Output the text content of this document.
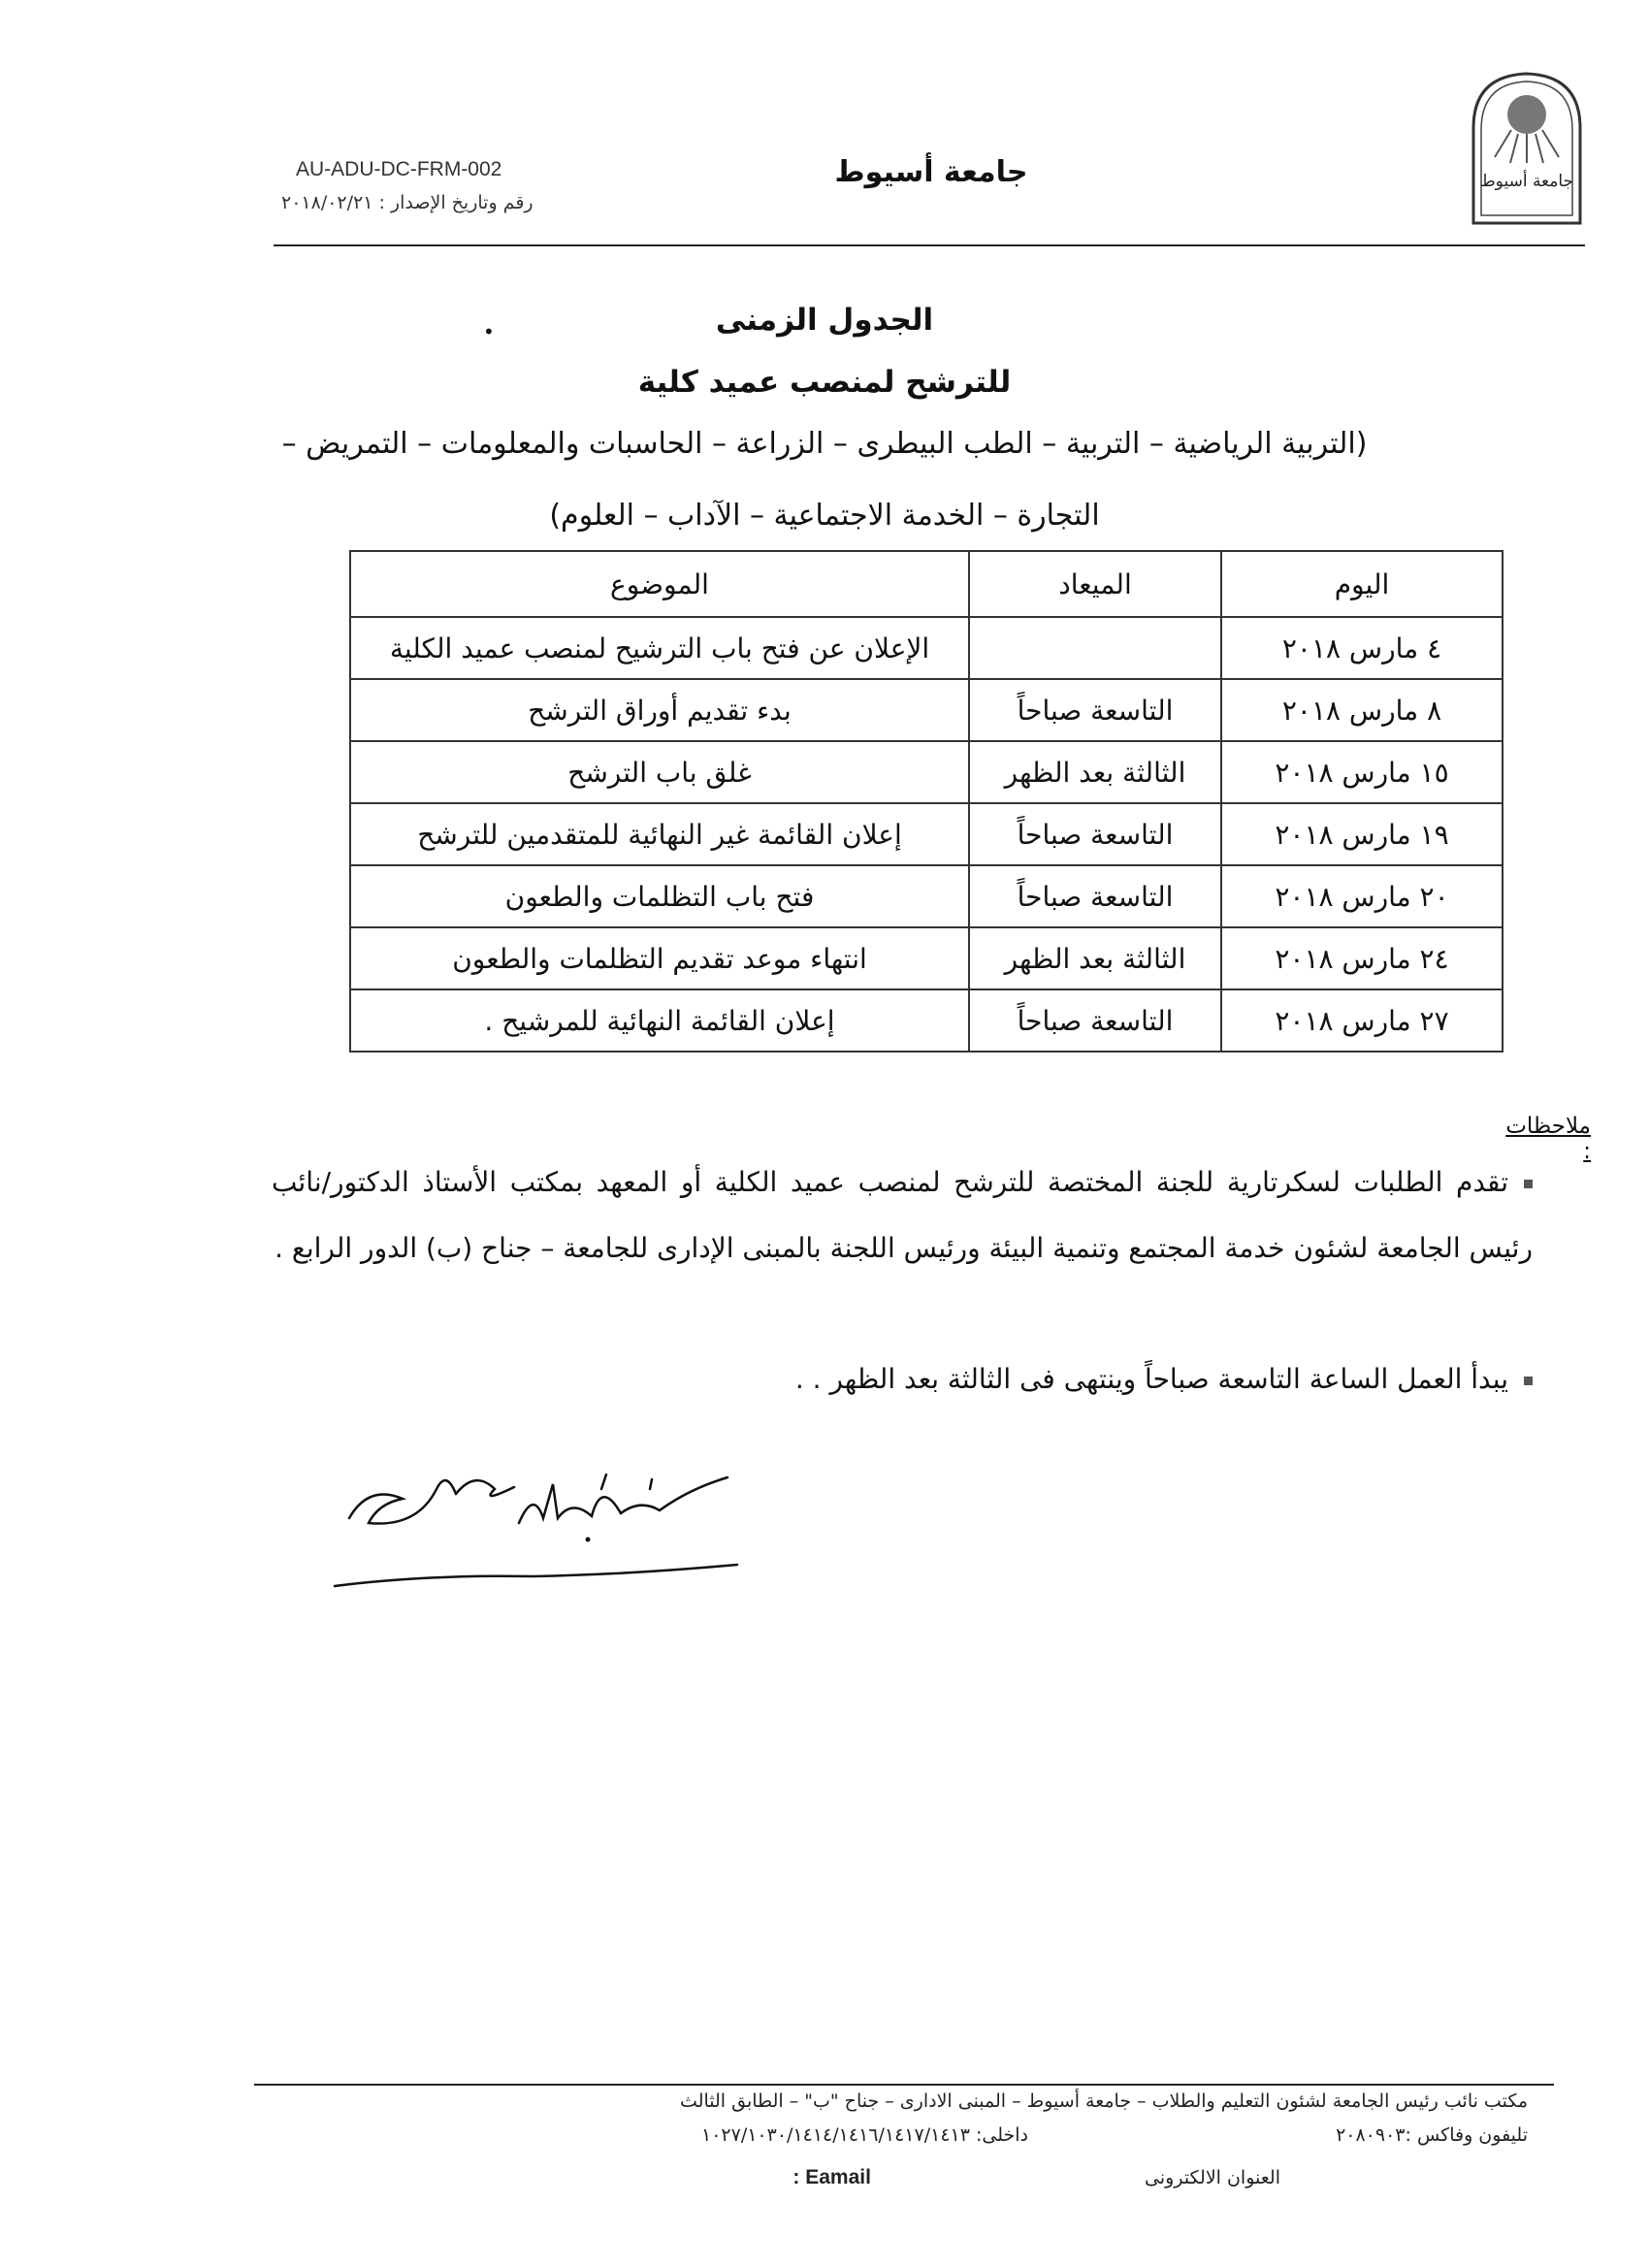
جامعة أسيوط
جامعة أسيوط
AU-ADU-DC-FRM-002
رقم وتاريخ الإصدار : ٢٠١٨/٠٢/٢١
•	الجدول الزمنى
للترشح لمنصب عميد كلية
(التربية الرياضية – التربية – الطب البيطرى – الزراعة – الحاسبات والمعلومات – التمريض –
التجارة – الخدمة الاجتماعية – الآداب – العلوم)
اليوم	الميعاد	الموضوع
٤ مارس ٢٠١٨		الإعلان عن فتح باب الترشيح لمنصب عميد الكلية
٨ مارس ٢٠١٨	التاسعة صباحاً	بدء تقديم أوراق الترشح
١٥ مارس ٢٠١٨	الثالثة بعد الظهر	غلق باب الترشح
١٩ مارس ٢٠١٨	التاسعة صباحاً	إعلان القائمة غير النهائية للمتقدمين للترشح
٢٠ مارس ٢٠١٨	التاسعة صباحاً	فتح باب التظلمات والطعون
٢٤ مارس ٢٠١٨	الثالثة بعد الظهر	انتهاء موعد تقديم التظلمات والطعون
٢٧ مارس ٢٠١٨	التاسعة صباحاً	إعلان القائمة النهائية للمرشيح .
ملاحظات :
تقدم الطلبات لسكرتارية للجنة المختصة للترشح لمنصب عميد الكلية أو المعهد بمكتب الأستاذ الدكتور/نائب رئيس الجامعة لشئون خدمة المجتمع وتنمية البيئة ورئيس اللجنة بالمبنى الإدارى للجامعة – جناح (ب) الدور الرابع .
يبدأ العمل الساعة التاسعة صباحاً وينتهى فى الثالثة بعد الظهر . .
مكتب نائب رئيس الجامعة لشئون التعليم والطلاب – جامعة أسيوط – المبنى الادارى – جناح "ب" – الطابق الثالث
تليفون وفاكس :٢٠٨٠٩٠٣
داخلى: ١٠٢٧/١٠٣٠/١٤١٤/١٤١٦/١٤١٧/١٤١٣
العنوان الالكترونى  Eamail :
